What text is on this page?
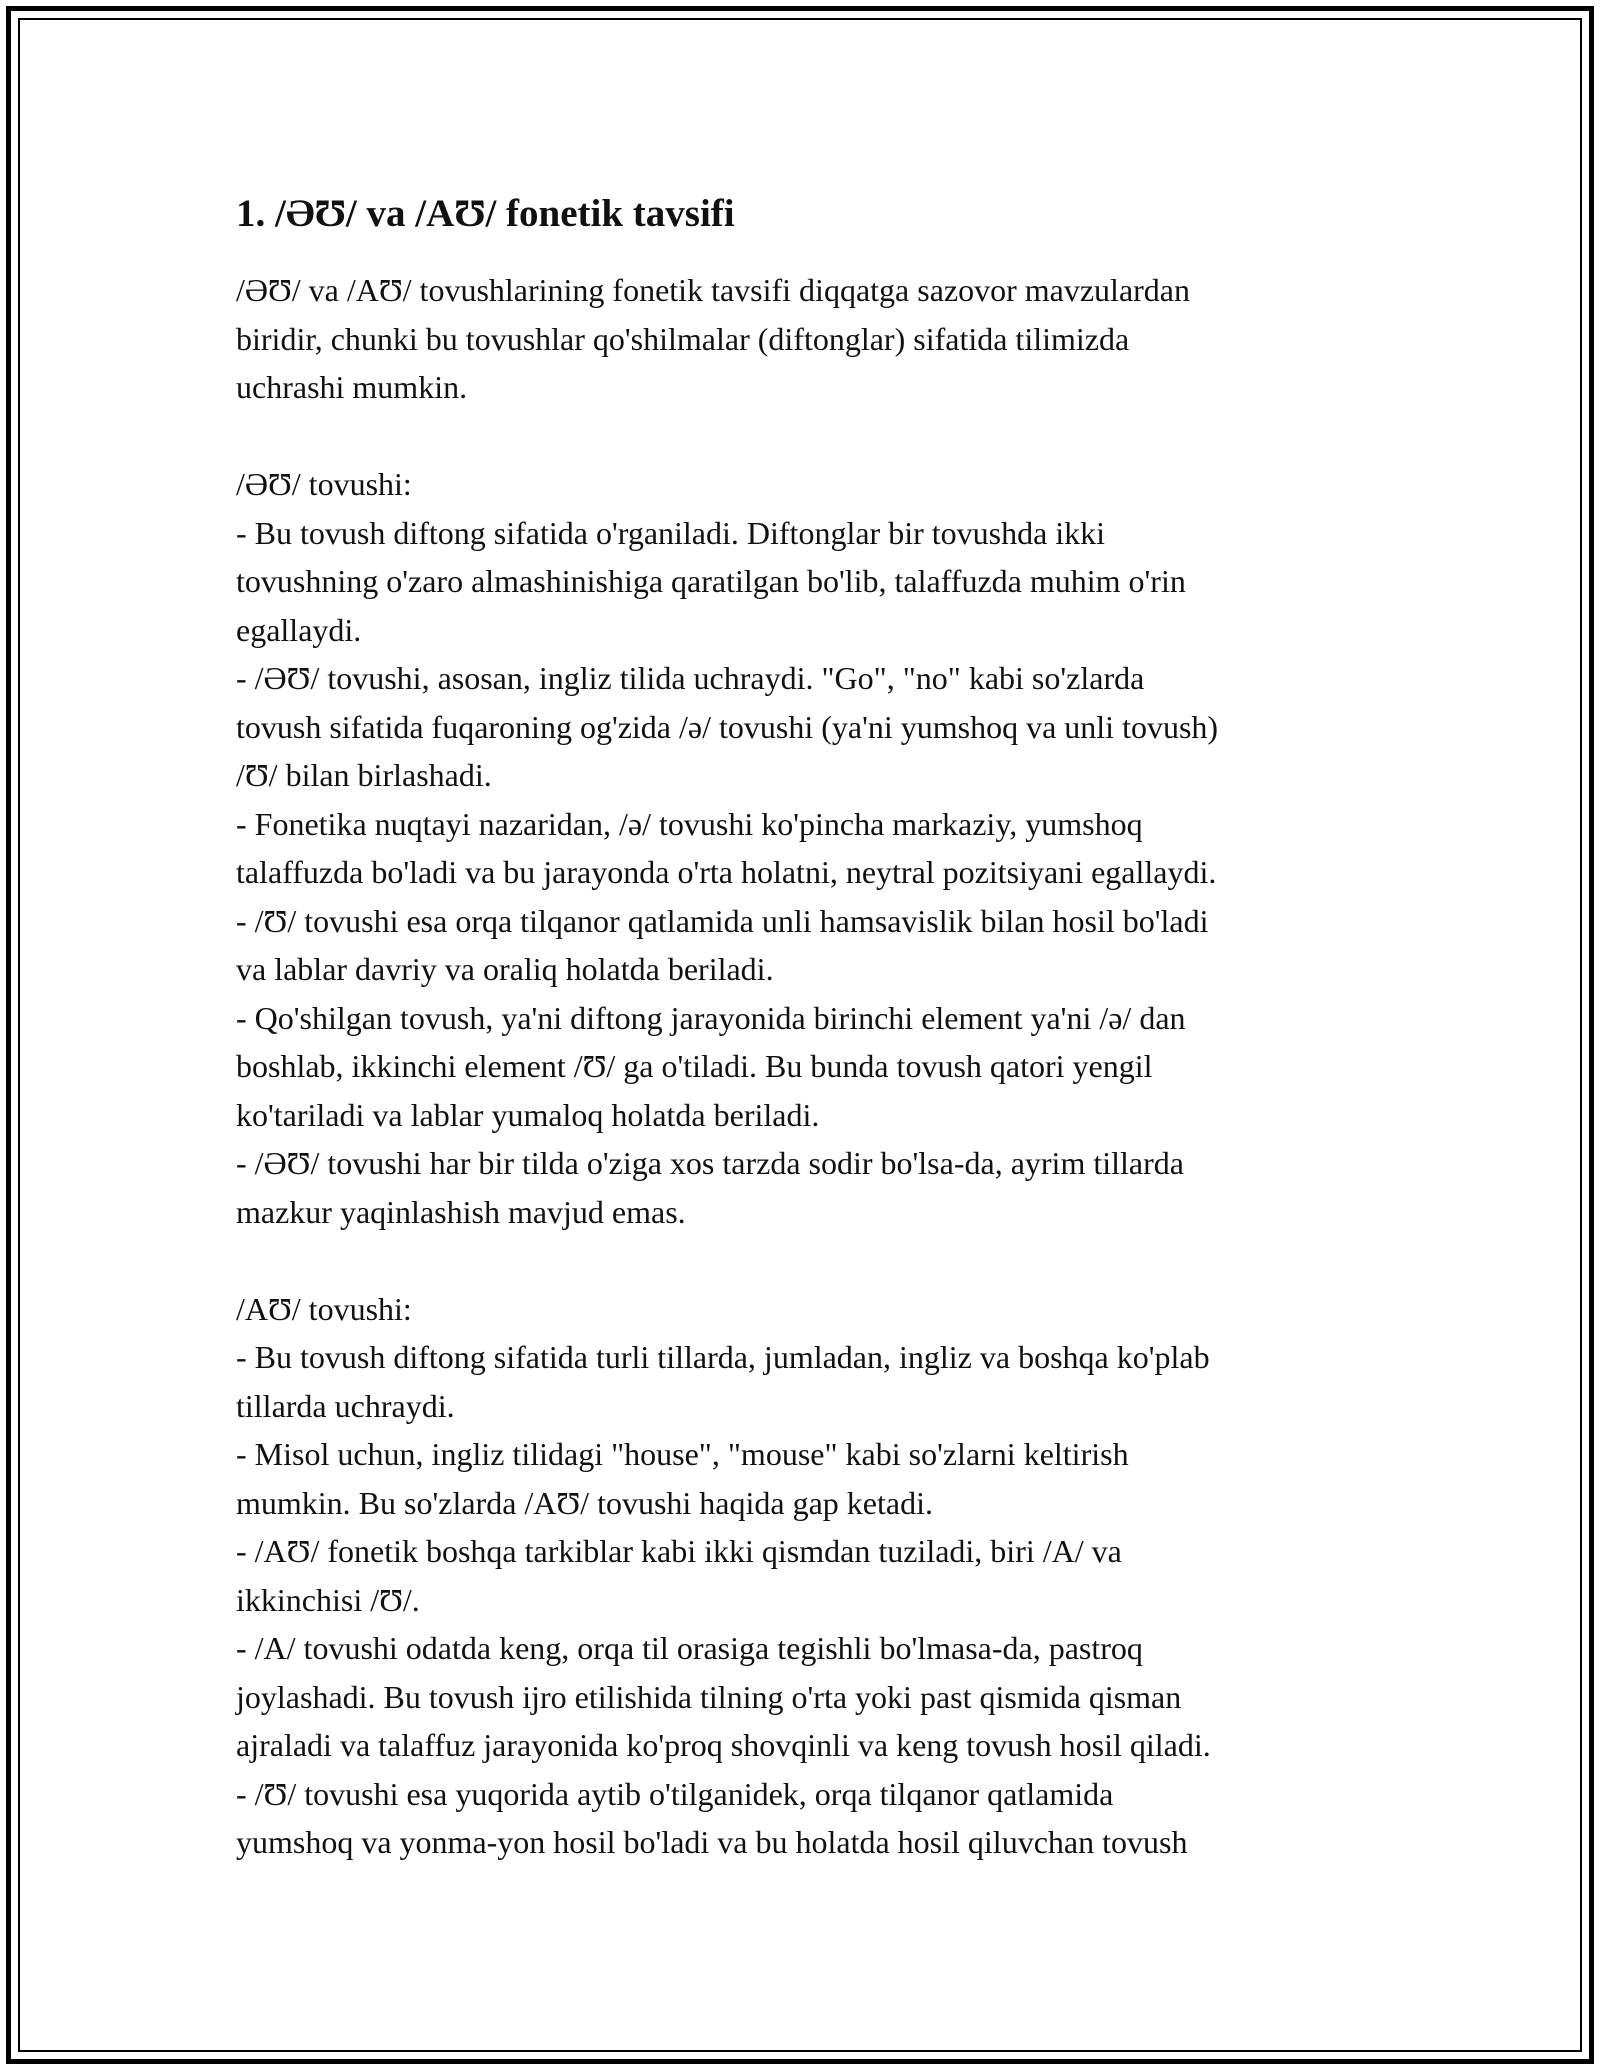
1. /ƏƱ/ va /AƱ/ fonetik tavsifi

/ƏƱ/ va /AƱ/ tovushlarining fonetik tavsifi diqqatga sazovor mavzulardan
biridir, chunki bu tovushlar qo'shilmalar (diftonglar) sifatida tilimizda
uchrashi mumkin.

/ƏƱ/ tovushi:
- Bu tovush diftong sifatida o'rganiladi. Diftonglar bir tovushda ikki
tovushning o'zaro almashinishiga qaratilgan bo'lib, talaffuzda muhim o'rin
egallaydi.
- /ƏƱ/ tovushi, asosan, ingliz tilida uchraydi. "Go", "no" kabi so'zlarda
tovush sifatida fuqaroning og'zida /ə/ tovushi (ya'ni yumshoq va unli tovush)
/Ʊ/ bilan birlashadi.
- Fonetika nuqtayi nazaridan, /ə/ tovushi ko'pincha markaziy, yumshoq
talaffuzda bo'ladi va bu jarayonda o'rta holatni, neytral pozitsiyani egallaydi.
- /Ʊ/ tovushi esa orqa tilqanor qatlamida unli hamsavislik bilan hosil bo'ladi
va lablar davriy va oraliq holatda beriladi.
- Qo'shilgan tovush, ya'ni diftong jarayonida birinchi element ya'ni /ə/ dan
boshlab, ikkinchi element /Ʊ/ ga o'tiladi. Bu bunda tovush qatori yengil
ko'tariladi va lablar yumaloq holatda beriladi.
- /ƏƱ/ tovushi har bir tilda o'ziga xos tarzda sodir bo'lsa-da, ayrim tillarda
mazkur yaqinlashish mavjud emas.

/AƱ/ tovushi:
- Bu tovush diftong sifatida turli tillarda, jumladan, ingliz va boshqa ko'plab
tillarda uchraydi.
- Misol uchun, ingliz tilidagi "house", "mouse" kabi so'zlarni keltirish
mumkin. Bu so'zlarda /AƱ/ tovushi haqida gap ketadi.
- /AƱ/ fonetik boshqa tarkiblar kabi ikki qismdan tuziladi, biri /A/ va
ikkinchisi /Ʊ/.
- /A/ tovushi odatda keng, orqa til orasiga tegishli bo'lmasa-da, pastroq
joylashadi. Bu tovush ijro etilishida tilning o'rta yoki past qismida qisman
ajraladi va talaffuz jarayonida ko'proq shovqinli va keng tovush hosil qiladi.
- /Ʊ/ tovushi esa yuqorida aytib o'tilganidek, orqa tilqanor qatlamida
yumshoq va yonma-yon hosil bo'ladi va bu holatda hosil qiluvchan tovush
